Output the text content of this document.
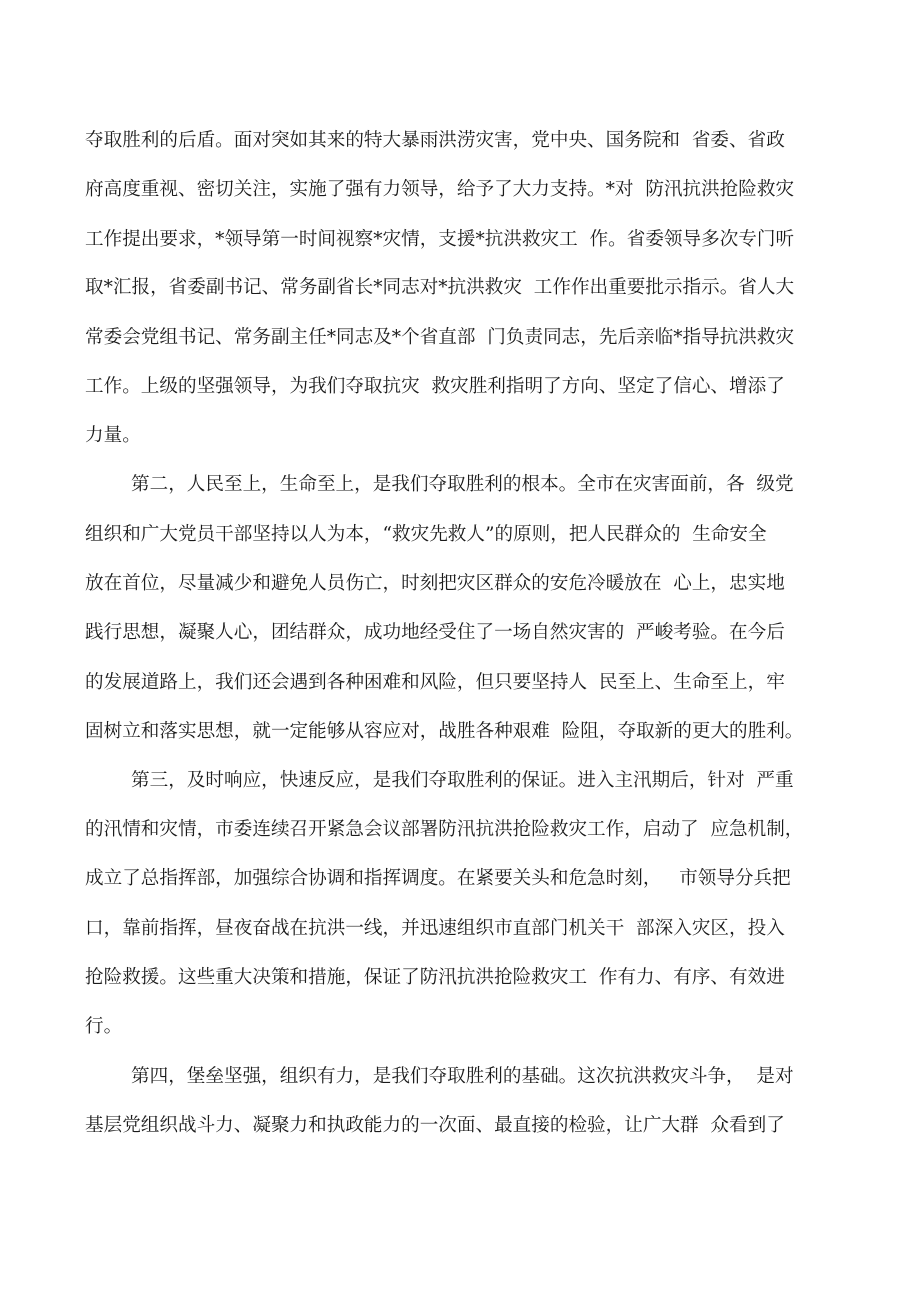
夺取胜利的后盾。面对突如其来的特大暴雨洪涝灾害，党中央、国务院和  省委、省政
府高度重视、密切关注，实施了强有力领导，给予了大力支持。*对  防汛抗洪抢险救灾
工作提出要求，*领导第一时间视察*灾情，支援*抗洪救灾工  作。省委领导多次专门听
取*汇报，省委副书记、常务副省长*同志对*抗洪救灾  工作作出重要批示指示。省人大
常委会党组书记、常务副主任*同志及*个省直部  门负责同志，先后亲临*指导抗洪救灾
工作。上级的坚强领导，为我们夺取抗灾  救灾胜利指明了方向、坚定了信心、增添了
力量。
第二，人民至上，生命至上，是我们夺取胜利的根本。全市在灾害面前，各  级党
组织和广大党员干部坚持以人为本，“救灾先救人”的原则，把人民群众的  生命安全
放在首位，尽量减少和避免人员伤亡，时刻把灾区群众的安危冷暖放在  心上，忠实地
践行思想，凝聚人心，团结群众，成功地经受住了一场自然灾害的  严峻考验。在今后
的发展道路上，我们还会遇到各种困难和风险，但只要坚持人  民至上、生命至上，牢
固树立和落实思想，就一定能够从容应对，战胜各种艰难  险阻，夺取新的更大的胜利。
第三，及时响应，快速反应，是我们夺取胜利的保证。进入主汛期后，针对  严重
的汛情和灾情，市委连续召开紧急会议部署防汛抗洪抢险救灾工作，启动了  应急机制，
成立了总指挥部，加强综合协调和指挥调度。在紧要关头和危急时刻，   市领导分兵把
口，靠前指挥，昼夜奋战在抗洪一线，并迅速组织市直部门机关干  部深入灾区，投入
抢险救援。这些重大决策和措施，保证了防汛抗洪抢险救灾工  作有力、有序、有效进
行。
第四，堡垒坚强，组织有力，是我们夺取胜利的基础。这次抗洪救灾斗争，  是对
基层党组织战斗力、凝聚力和执政能力的一次面、最直接的检验，让广大群  众看到了
